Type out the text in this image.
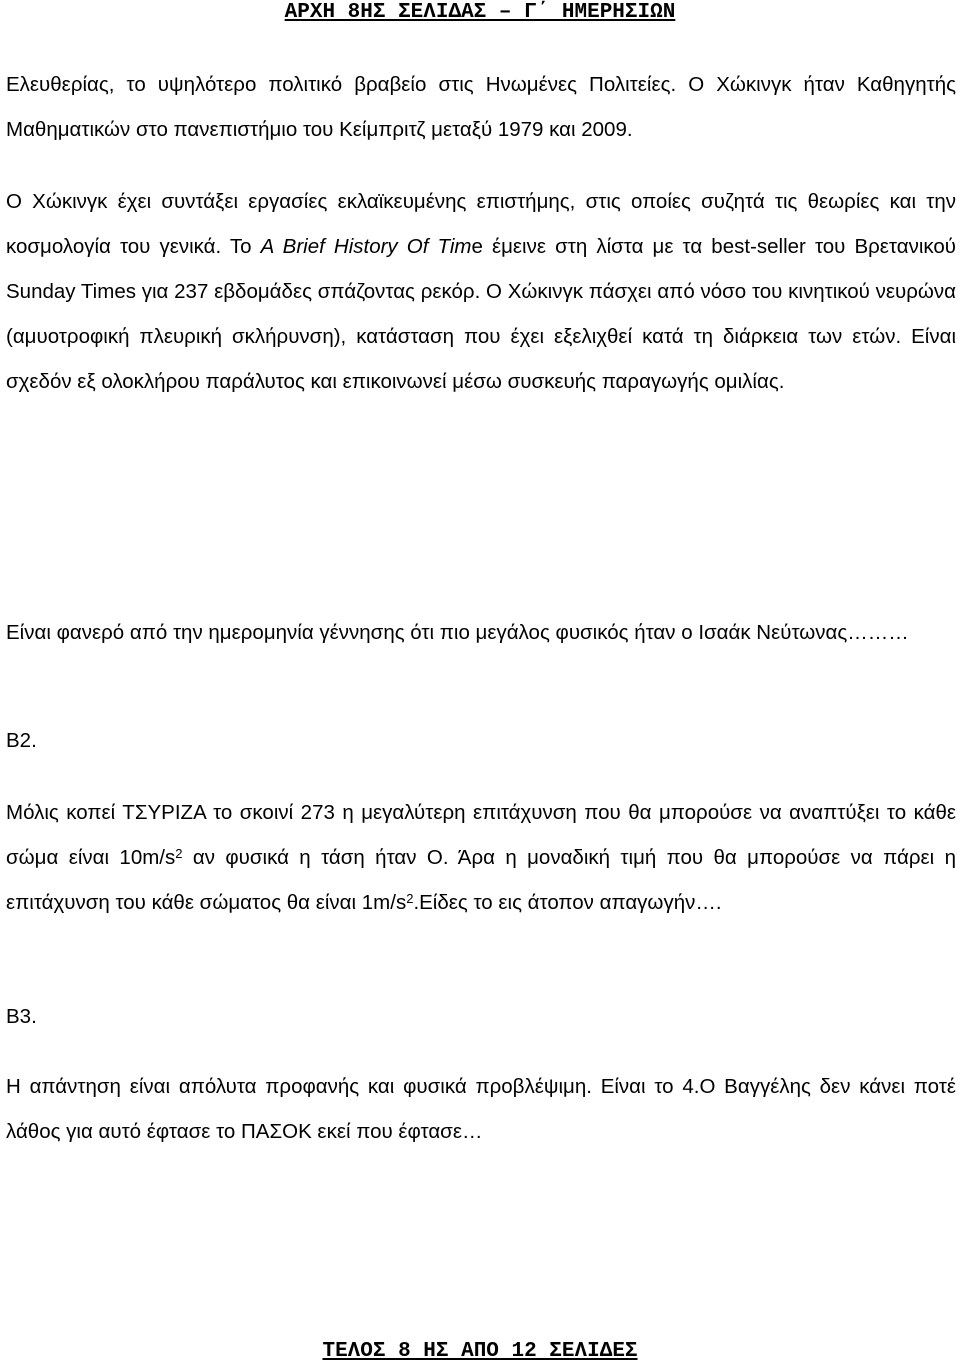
ΑΡΧΗ 8ΗΣ ΣΕΛΙΔΑΣ – Γ΄ ΗΜΕΡΗΣΙΩΝ

Ελευθερίας, το υψηλότερο πολιτικό βραβείο στις Ηνωμένες Πολιτείες. Ο Χώκινγκ ήταν Καθηγητής Μαθηματικών στο πανεπιστήμιο του Κείμπριτζ μεταξύ 1979 και 2009.

Ο Χώκινγκ έχει συντάξει εργασίες εκλαϊκευμένης επιστήμης, στις οποίες συζητά τις θεωρίες και την κοσμολογία του γενικά. Το A Brief History Of Time έμεινε στη λίστα με τα best-seller του Βρετανικού Sunday Times για 237 εβδομάδες σπάζοντας ρεκόρ. Ο Χώκινγκ πάσχει από νόσο του κινητικού νευρώνα (αμυοτροφική πλευρική σκλήρυνση), κατάσταση που έχει εξελιχθεί κατά τη διάρκεια των ετών. Είναι σχεδόν εξ ολοκλήρου παράλυτος και επικοινωνεί μέσω συσκευής παραγωγής ομιλίας.

Είναι φανερό από την ημερομηνία γέννησης ότι πιο μεγάλος φυσικός ήταν ο Ισαάκ Νεύτωνας………

Β2.

Μόλις κοπεί ΤΣΥΡΙΖΑ το σκοινί 273 η μεγαλύτερη επιτάχυνση που θα μπορούσε να αναπτύξει το κάθε σώμα είναι $10m/s^2$ αν φυσικά η τάση ήταν Ο. Άρα η μοναδική τιμή που θα μπορούσε να πάρει η επιτάχυνση του κάθε σώματος θα είναι $1m/s^2.Eί\delta\varepsilon\varsigma$ το εις άτοπον απαγωγήν….

Β3.

Η απάντηση είναι απόλυτα προφανής και φυσικά προβλέψιμη. Είναι το 4.Ο Βαγγέλης δεν κάνει ποτέ λάθος για αυτό έφτασε το ΠΑΣΟΚ εκεί που έφτασε…

ΤΕΛΟΣ 8 ΗΣ ΑΠΟ 12 ΣΕΛΙΔΕΣ
